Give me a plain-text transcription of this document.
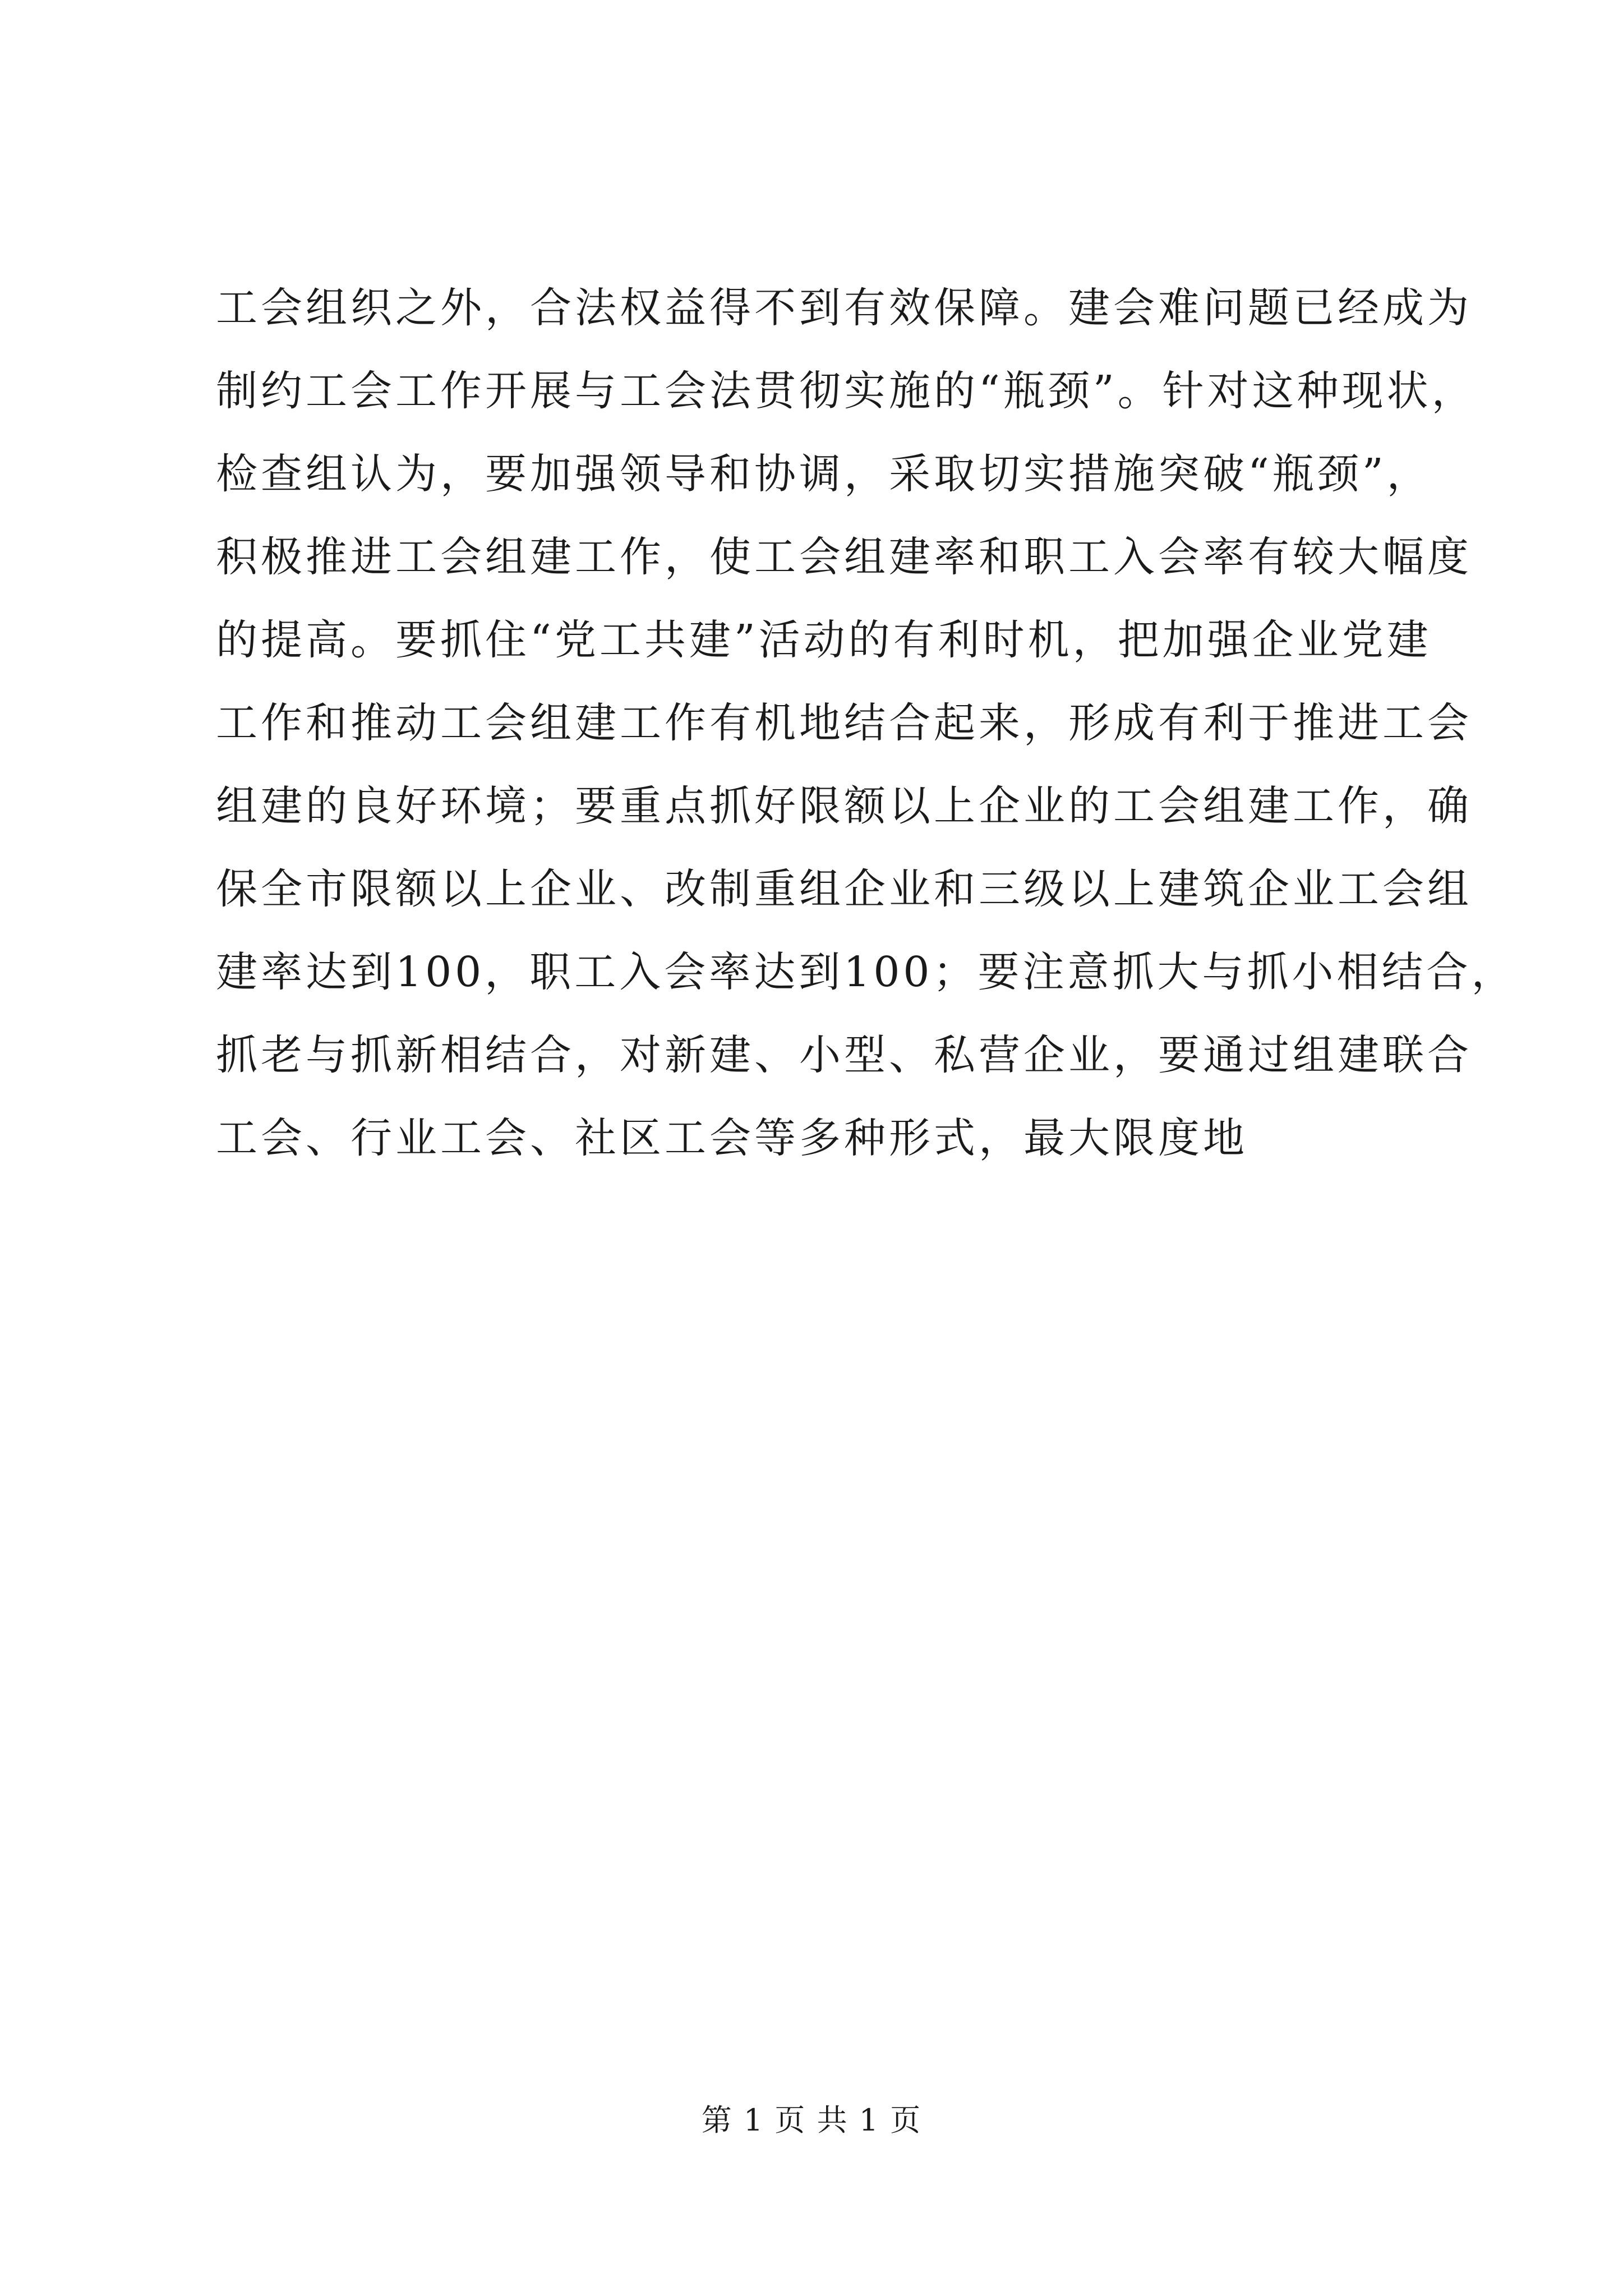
工会组织之外，合法权益得不到有效保障。建会难问题已经成为
制约工会工作开展与工会法贯彻实施的“瓶颈”。针对这种现状，
检查组认为，要加强领导和协调，采取切实措施突破“瓶颈”，
积极推进工会组建工作，使工会组建率和职工入会率有较大幅度
的提高。要抓住“党工共建”活动的有利时机，把加强企业党建
工作和推动工会组建工作有机地结合起来，形成有利于推进工会
组建的良好环境；要重点抓好限额以上企业的工会组建工作，确
保全市限额以上企业、改制重组企业和三级以上建筑企业工会组
建率达到100，职工入会率达到100；要注意抓大与抓小相结合，
抓老与抓新相结合，对新建、小型、私营企业，要通过组建联合
工会、行业工会、社区工会等多种形式，最大限度地
第 1 页 共 1 页
